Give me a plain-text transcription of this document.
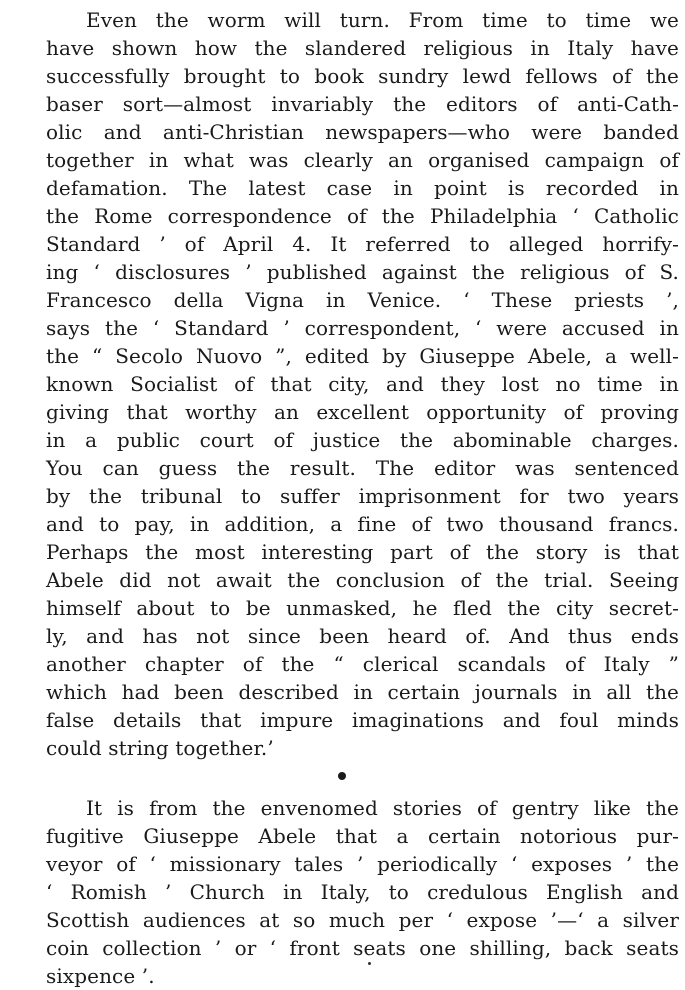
Even the worm will turn. From time to time we
have shown how the slandered religious in Italy have
successfully brought to book sundry lewd fellows of the
baser sort—almost invariably the editors of anti-Cath-
olic and anti-Christian newspapers—who were banded
together in what was clearly an organised campaign of
defamation. The latest case in point is recorded in
the Rome correspondence of the Philadelphia ‘ Catholic
Standard ’ of April 4. It referred to alleged horrify-
ing ‘ disclosures ’ published against the religious of S.
Francesco della Vigna in Venice. ‘ These priests ’,
says the ‘ Standard ’ correspondent, ‘ were accused in
the “ Secolo Nuovo ”, edited by Giuseppe Abele, a well-
known Socialist of that city, and they lost no time in
giving that worthy an excellent opportunity of proving
in a public court of justice the abominable charges.
You can guess the result. The editor was sentenced
by the tribunal to suffer imprisonment for two years
and to pay, in addition, a fine of two thousand francs.
Perhaps the most interesting part of the story is that
Abele did not await the conclusion of the trial. Seeing
himself about to be unmasked, he fled the city secret-
ly, and has not since been heard of. And thus ends
another chapter of the “ clerical scandals of Italy ”
which had been described in certain journals in all the
false details that impure imaginations and foul minds
could string together.’
It is from the envenomed stories of gentry like the
fugitive Giuseppe Abele that a certain notorious pur-
veyor of ‘ missionary tales ’ periodically ‘ exposes ’ the
‘ Romish ’ Church in Italy, to credulous English and
Scottish audiences at so much per ‘ expose ’—‘ a silver
coin collection ’ or ‘ front seats one shilling, back seats
sixpence ’.
